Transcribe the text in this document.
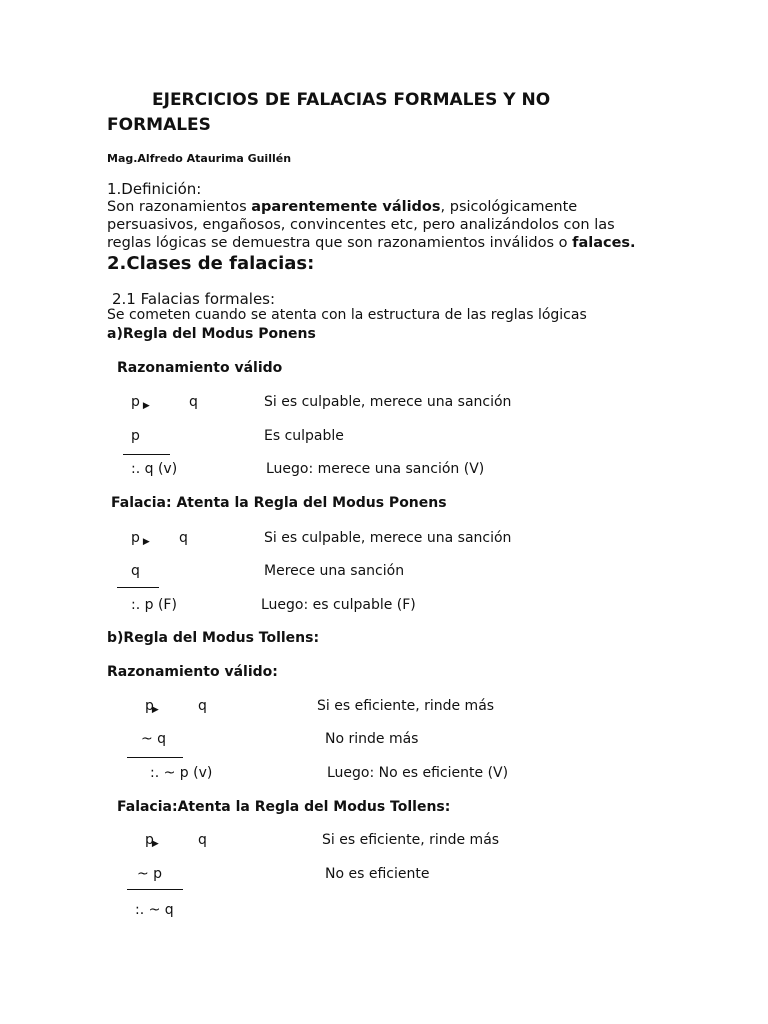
EJERCICIOS DE FALACIAS FORMALES Y NO
FORMALES
Mag.Alfredo Ataurima Guillén
1.Definición:

Son razonamientos aparentemente válidos, psicológicamente

persuasivos, engañosos, convincentes etc, pero analizándolos con las

reglas lógicas se demuestra que son razonamientos inválidos o falaces.

2.Clases de falacias:
2.1 Falacias formales:
Se cometen cuando se atenta con la estructura de las reglas lógicas
a)Regla del Modus Ponens
Razonamiento válido
p ▶	q	Si es culpable, merece una sanción
p	Es culpable
:. q (v)	Luego: merece una sanción (V)
Falacia: Atenta la Regla del Modus Ponens
p ▶ q	Si es culpable, merece una sanción
q	Merece una sanción
:. p (F)	Luego: es culpable (F)
b)Regla del Modus Tollens:
Razonamiento válido:
p▶	q	Si es eficiente, rinde más
~ q	No rinde más
:. ~ p (v)	Luego: No es eficiente (V)
Falacia:Atenta la Regla del Modus Tollens:
p▶	q	Si es eficiente, rinde más
~ p	No es eficiente
:. ~ q
